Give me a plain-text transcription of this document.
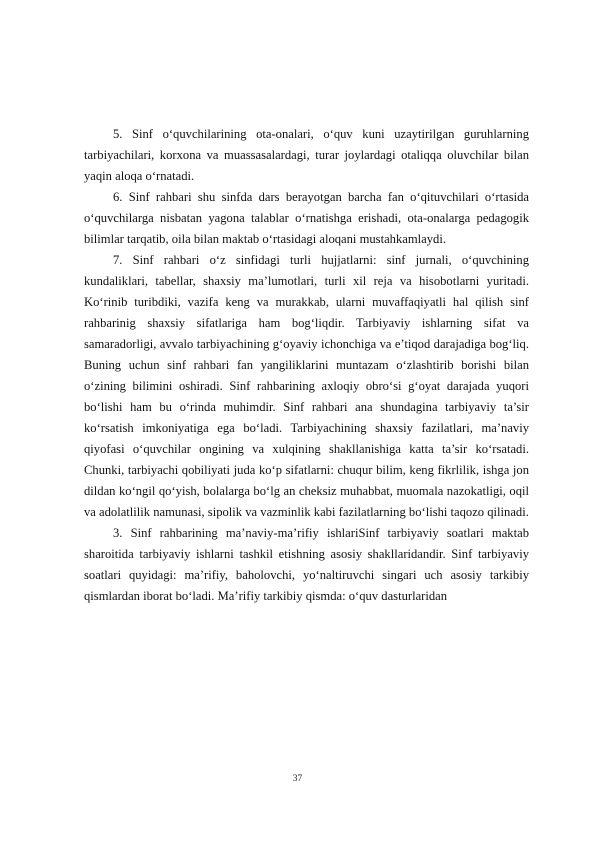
5. Sinf o‘quvchilarining ota-onalari, o‘quv kuni uzaytirilgan guruhlarning tarbiyachilari, korxona va muassasalardagi, turar joylardagi otaliqqa oluvchilar bilan yaqin aloqa o‘rnatadi.

6. Sinf rahbari shu sinfda dars berayotgan barcha fan o‘qituvchilari o‘rtasida o‘quvchilarga nisbatan yagona talablar o‘rnatishga erishadi, ota-onalarga pedagogik bilimlar tarqatib, oila bilan maktab o‘rtasidagi aloqani mustahkamlaydi.

7. Sinf rahbari o‘z sinfidagi turli hujjatlarni: sinf jurnali, o‘quvchining kundaliklari, tabellar, shaxsiy ma’lumotlari, turli xil reja va hisobotlarni yuritadi. Ko‘rinib turibdiki, vazifa keng va murakkab, ularni muvaffaqiyatli hal qilish sinf rahbarinig shaxsiy sifatlariga ham bog‘liqdir. Tarbiyaviy ishlarning sifat va samaradorligi, avvalo tarbiyachining g‘oyaviy ichonchiga va e’tiqod darajadiga bog‘liq. Buning uchun sinf rahbari fan yangiliklarini muntazam o‘zlashtirib borishi bilan o‘zining bilimini oshiradi. Sinf rahbarining axloqiy obro‘si g‘oyat darajada yuqori bo‘lishi ham bu o‘rinda muhimdir. Sinf rahbari ana shundagina tarbiyaviy ta’sir ko‘rsatish imkoniyatiga ega bo‘ladi. Tarbiyachining shaxsiy fazilatlari, ma’naviy qiyofasi o‘quvchilar ongining va xulqining shakllanishiga katta ta’sir ko‘rsatadi. Chunki, tarbiyachi qobiliyati juda ko‘p sifatlarni: chuqur bilim, keng fikrlilik, ishga jon dildan ko‘ngil qo‘yish, bolalarga bo‘lg an cheksiz muhabbat, muomala nazokatligi, oqil va adolatlilik namunasi, sipolik va vazminlik kabi fazilatlarning bo‘lishi taqozo qilinadi.

3. Sinf rahbarining ma’naviy-ma’rifiy ishlariSinf tarbiyaviy soatlari maktab sharoitida tarbiyaviy ishlarni tashkil etishning asosiy shakllaridandir. Sinf tarbiyaviy soatlari quyidagi: ma’rifiy, baholovchi, yo‘naltiruvchi singari uch asosiy tarkibiy qismlardan iborat bo‘ladi. Ma’rifiy tarkibiy qismda: o‘quv dasturlaridan

37
